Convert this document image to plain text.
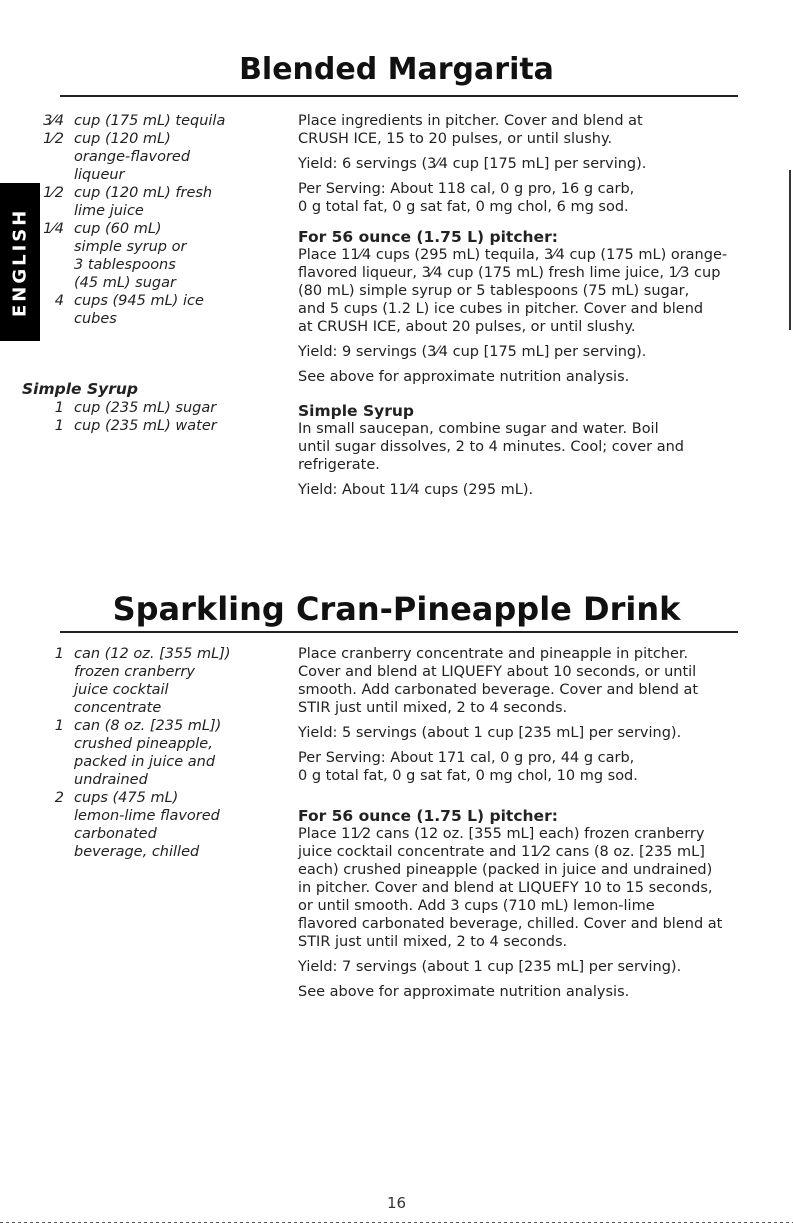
ENGLISH
Blended Margarita
3⁄4 cup (175 mL) tequila
1⁄2 cup (120 mL)
orange-flavored
liqueur
1⁄2 cup (120 mL) fresh
lime juice
1⁄4 cup (60 mL)
simple syrup or
3 tablespoons
(45 mL) sugar
4 cups (945 mL) ice
cubes

Simple Syrup

1 cup (235 mL) sugar
1 cup (235 mL) water

Place ingredients in pitcher. Cover and blend at
CRUSH ICE, 15 to 20 pulses, or until slushy.

Yield: 6 servings (3⁄4 cup [175 mL] per serving).

Per Serving: About 118 cal, 0 g pro, 16 g carb,
0 g total fat, 0 g sat fat, 0 mg chol, 6 mg sod.

For 56 ounce (1.75 L) pitcher:

Place 11⁄4 cups (295 mL) tequila, 3⁄4 cup (175 mL) orange-
flavored liqueur, 3⁄4 cup (175 mL) fresh lime juice, 1⁄3 cup
(80 mL) simple syrup or 5 tablespoons (75 mL) sugar,
and 5 cups (1.2 L) ice cubes in pitcher. Cover and blend
at CRUSH ICE, about 20 pulses, or until slushy.

Yield: 9 servings (3⁄4 cup [175 mL] per serving).

See above for approximate nutrition analysis.

Simple Syrup

In small saucepan, combine sugar and water. Boil
until sugar dissolves, 2 to 4 minutes. Cool; cover and
refrigerate.

Yield: About 11⁄4 cups (295 mL).

Sparkling Cran-Pineapple Drink
1 can (12 oz. [355 mL])
frozen cranberry
juice cocktail
concentrate
1 can (8 oz. [235 mL])
crushed pineapple,
packed in juice and
undrained
2 cups (475 mL)
lemon-lime flavored
carbonated
beverage, chilled

Place cranberry concentrate and pineapple in pitcher.
Cover and blend at LIQUEFY about 10 seconds, or until
smooth. Add carbonated beverage. Cover and blend at
STIR just until mixed, 2 to 4 seconds.

Yield: 5 servings (about 1 cup [235 mL] per serving).

Per Serving: About 171 cal, 0 g pro, 44 g carb,
0 g total fat, 0 g sat fat, 0 mg chol, 10 mg sod.

For 56 ounce (1.75 L) pitcher:

Place 11⁄2 cans (12 oz. [355 mL] each) frozen cranberry
juice cocktail concentrate and 11⁄2 cans (8 oz. [235 mL]
each) crushed pineapple (packed in juice and undrained)
in pitcher. Cover and blend at LIQUEFY 10 to 15 seconds,
or until smooth. Add 3 cups (710 mL) lemon-lime
flavored carbonated beverage, chilled. Cover and blend at
STIR just until mixed, 2 to 4 seconds.

Yield: 7 servings (about 1 cup [235 mL] per serving).

See above for approximate nutrition analysis.

16
